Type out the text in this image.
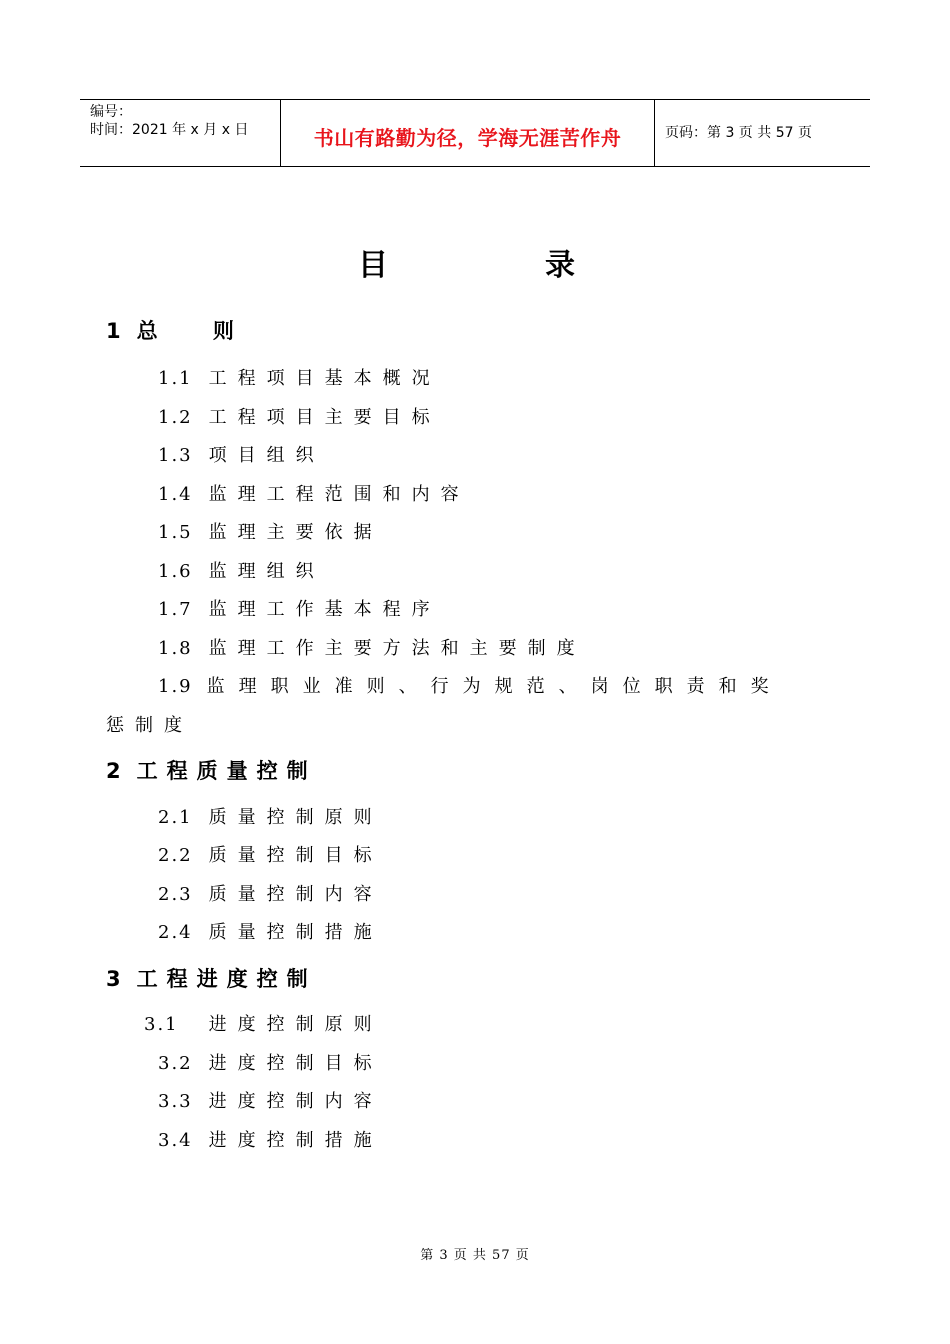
编号：
时间：2021 年 x 月 x 日	书山有路勤为径，学海无涯苦作舟	页码：第 3 页 共 57 页
目	录
1 总　 则
1.1 工程项目基本概况
1.2 工程项目主要目标
1.3 项目组织
1.4 监理工程范围和内容
1.5 监理主要依据
1.6 监理组织
1.7 监理工作基本程序
1.8 监理工作主要方法和主要制度
1.9 监理职业准则、行为规范、岗位职责和奖
惩制度
2 工程质量控制
2.1 质量控制原则
2.2 质量控制目标
2.3 质量控制内容
2.4 质量控制措施
3 工程进度控制
3.1 进度控制原则
3.2 进度控制目标
3.3 进度控制内容
3.4 进度控制措施
第 3 页 共 57 页
